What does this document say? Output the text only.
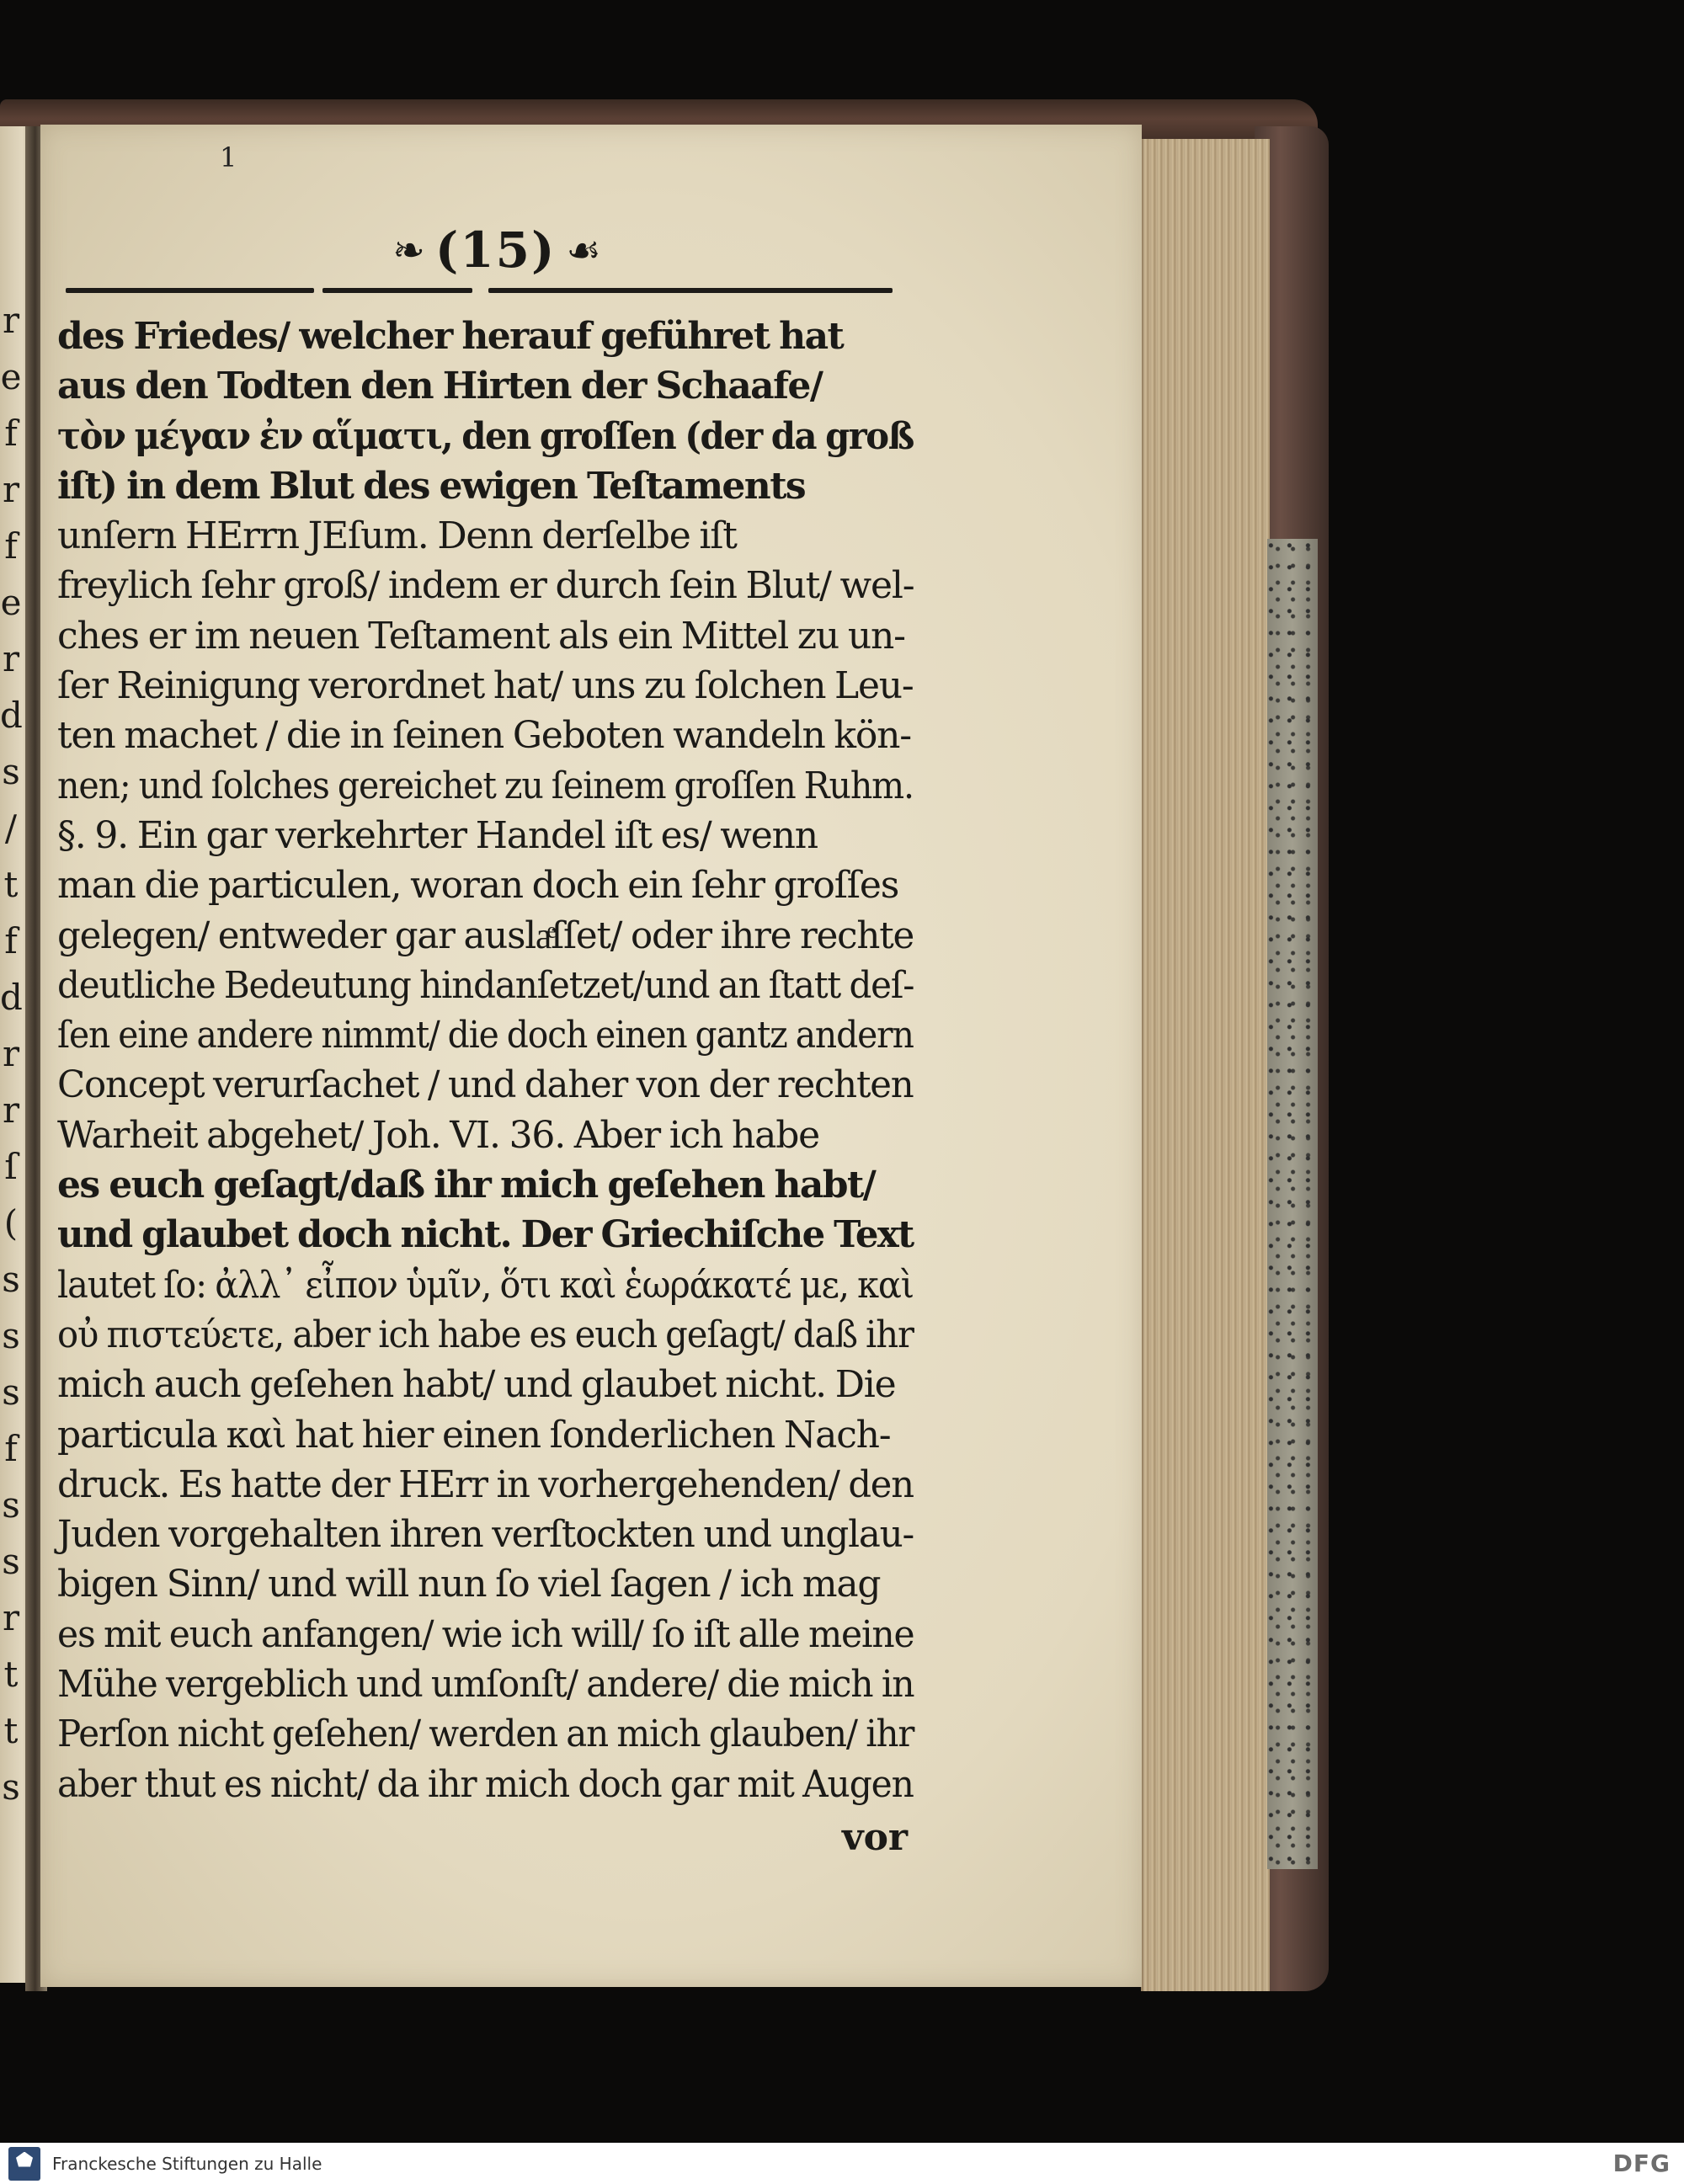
1
❧ (15) ☙
des Friedes/ welcher herauf geführet hat
aus den Todten den Hirten der Schaafe/
τὸν μέγαν ἐν αἵματι, den groſſen (der da groß
iſt) in dem Blut des ewigen Teſtaments
unſern HErrn JEſum. Denn derſelbe iſt
freylich ſehr groß/ indem er durch ſein Blut/ wel-
ches er im neuen Teſtament als ein Mittel zu un-
ſer Reinigung verordnet hat/ uns zu ſolchen Leu-
ten machet / die in ſeinen Geboten wandeln kön-
nen; und ſolches gereichet zu ſeinem groſſen Ruhm.
§. 9. Ein gar verkehrter Handel iſt es/ wenn
man die particulen, woran doch ein ſehr groſſes
gelegen/ entweder gar auslaͤſſet/ oder ihre rechte
deutliche Bedeutung hindanſetzet/und an ſtatt deſ-
ſen eine andere nimmt/ die doch einen gantz andern
Concept verurſachet / und daher von der rechten
Warheit abgehet/ Joh. VI. 36. Aber ich habe
es euch geſagt/daß ihr mich geſehen habt/
und glaubet doch nicht. Der Griechiſche Text
lautet ſo: ἀλλ᾽ εἶπον ὑμῖν, ὅτι καὶ ἑωράκατέ με, καὶ
οὐ πιστεύετε, aber ich habe es euch geſagt/ daß ihr
mich auch geſehen habt/ und glaubet nicht. Die
particula καὶ hat hier einen ſonderlichen Nach-
druck. Es hatte der HErr in vorhergehenden/ den
Juden vorgehalten ihren verſtockten und unglau-
bigen Sinn/ und will nun ſo viel ſagen / ich mag
es mit euch anfangen/ wie ich will/ ſo iſt alle meine
Mühe vergeblich und umſonſt/ andere/ die mich in
Perſon nicht geſehen/ werden an mich glauben/ ihr
aber thut es nicht/ da ihr mich doch gar mit Augen
vor
r
e
f
r
f
e
r
d
s
/
t
f
d
r
r
ſ
(
s
s
s
f
s
s
r
t
t
s
Franckesche Stiftungen zu Halle	DFG
